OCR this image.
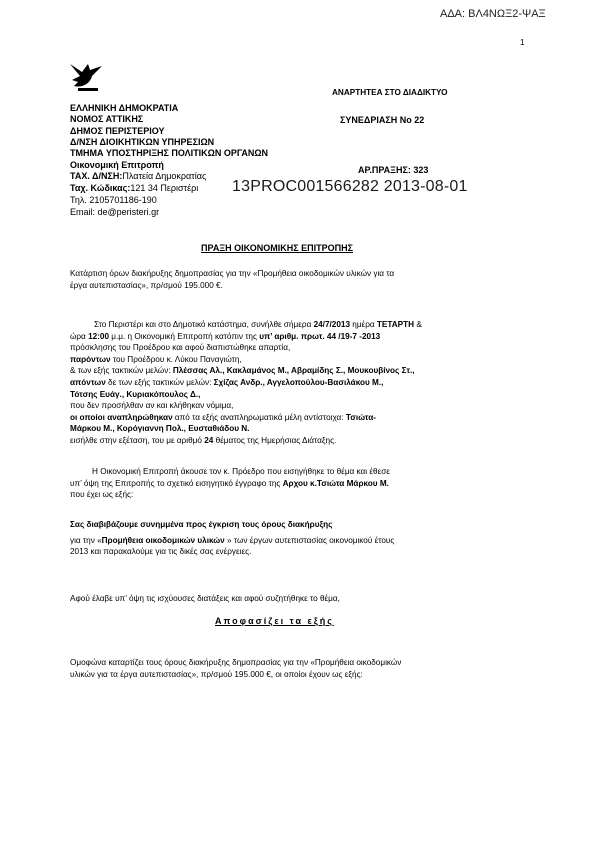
ΑΔΑ: ΒΛ4ΝΩΞ2-ΨΑΞ
1
ΑΝΑΡΤΗΤΕΑ ΣΤΟ ΔΙΑΔΙΚΤΥΟ
ΕΛΛΗΝΙΚΗ ΔΗΜΟΚΡΑΤΙΑ
ΝΟΜΟΣ ΑΤΤΙΚΗΣ	ΣΥΝΕΔΡΙΑΣΗ Νο 22
ΔΗΜΟΣ ΠΕΡΙΣΤΕΡΙΟΥ
Δ/ΝΣΗ ΔΙΟΙΚΗΤΙΚΩΝ ΥΠΗΡΕΣΙΩΝ
ΤΜΗΜΑ ΥΠΟΣΤΗΡΙΞΗΣ ΠΟΛΙΤΙΚΩΝ ΟΡΓΑΝΩΝ
Οικονομική Επιτροπή	ΑΡ.ΠΡΑΞΗΣ: 323
ΤΑΧ. Δ/ΝΣΗ:Πλατεία Δημοκρατίας
Ταχ. Κώδικας:121 34 Περιστέρι
Τηλ. 2105701186-190
Email: de@peristeri.gr
13PROC001566282 2013-08-01
ΠΡΑΞΗ ΟΙΚΟΝΟΜΙΚΗΣ ΕΠΙΤΡΟΠΗΣ

Κατάρτιση όρων διακήρυξης δημοπρασίας για την «Προμήθεια οικοδομικών υλικών για τα

έργα αυτεπιστασίας», πρ/σμού 195.000 €.

Στο Περιστέρι και στο Δημοτικό κατάστημα, συνήλθε σήμερα 24/7/2013 ημέρα ΤΕΤΑΡΤΗ &

ώρα 12:00 μ.μ. η Οικονομική Επιτροπή κατόπιν της υπ’ αριθμ. πρωτ. 44 /19-7 -2013

πρόσκλησης του Προέδρου και αφού διαπιστώθηκε απαρτία,

παρόντων του Προέδρου κ. Λύκου Παναγιώτη,

& των εξής τακτικών μελών: Πλέσσας Αλ., Κακλαμάνος Μ., Αβραμίδης Σ., Μουκουβίνος Στ.,

απόντων δε των εξής τακτικών μελών: Σχίζας Ανδρ., Αγγελοπούλου-Βασιλάκου Μ.,

Τότσης Ευάγ., Κυριακόπουλος Δ.,

που δεν προσήλθαν αν και κλήθηκαν νόμιμα,

οι οποίοι αναπληρώθηκαν από τα εξής αναπληρωματικά μέλη αντίστοιχα: Τσιώτα-

Μάρκου Μ., Κορόγιαννη Πολ., Ευσταθιάδου Ν.

εισήλθε στην εξέταση, του με αριθμό 24 θέματος της Ημερήσιας Διάταξης.

Η Οικονομική Επιτροπή άκουσε τον κ. Πρόεδρο που εισηγήθηκε το θέμα και έθεσε

υπ’ όψη της Επιτροπής το σχετικό εισηγητικό έγγραφο της Αρχου κ.Τσιώτα Μάρκου Μ.

που έχει ως εξής:

Σας διαβιβάζουμε συνημμένα προς έγκριση τους όρους διακήρυξης

για την «Προμήθεια οικοδομικών υλικών » των έργων αυτεπιστασίας οικονομικού έτους

2013 και παρακαλούμε για τις δικές σας ενέργειες.

Αφού έλαβε υπ’ όψη τις ισχύουσες διατάξεις και αφού συζητήθηκε το θέμα,
Αποφασίζει τα εξής

Ομοφώνα καταρτίζει τους όρους διακήρυξης δημοπρασίας για την «Προμήθεια οικοδομικών

υλικών για τα έργα αυτεπιστασίας», πρ/σμού 195.000 €, οι οποίοι έχουν ως εξής:
